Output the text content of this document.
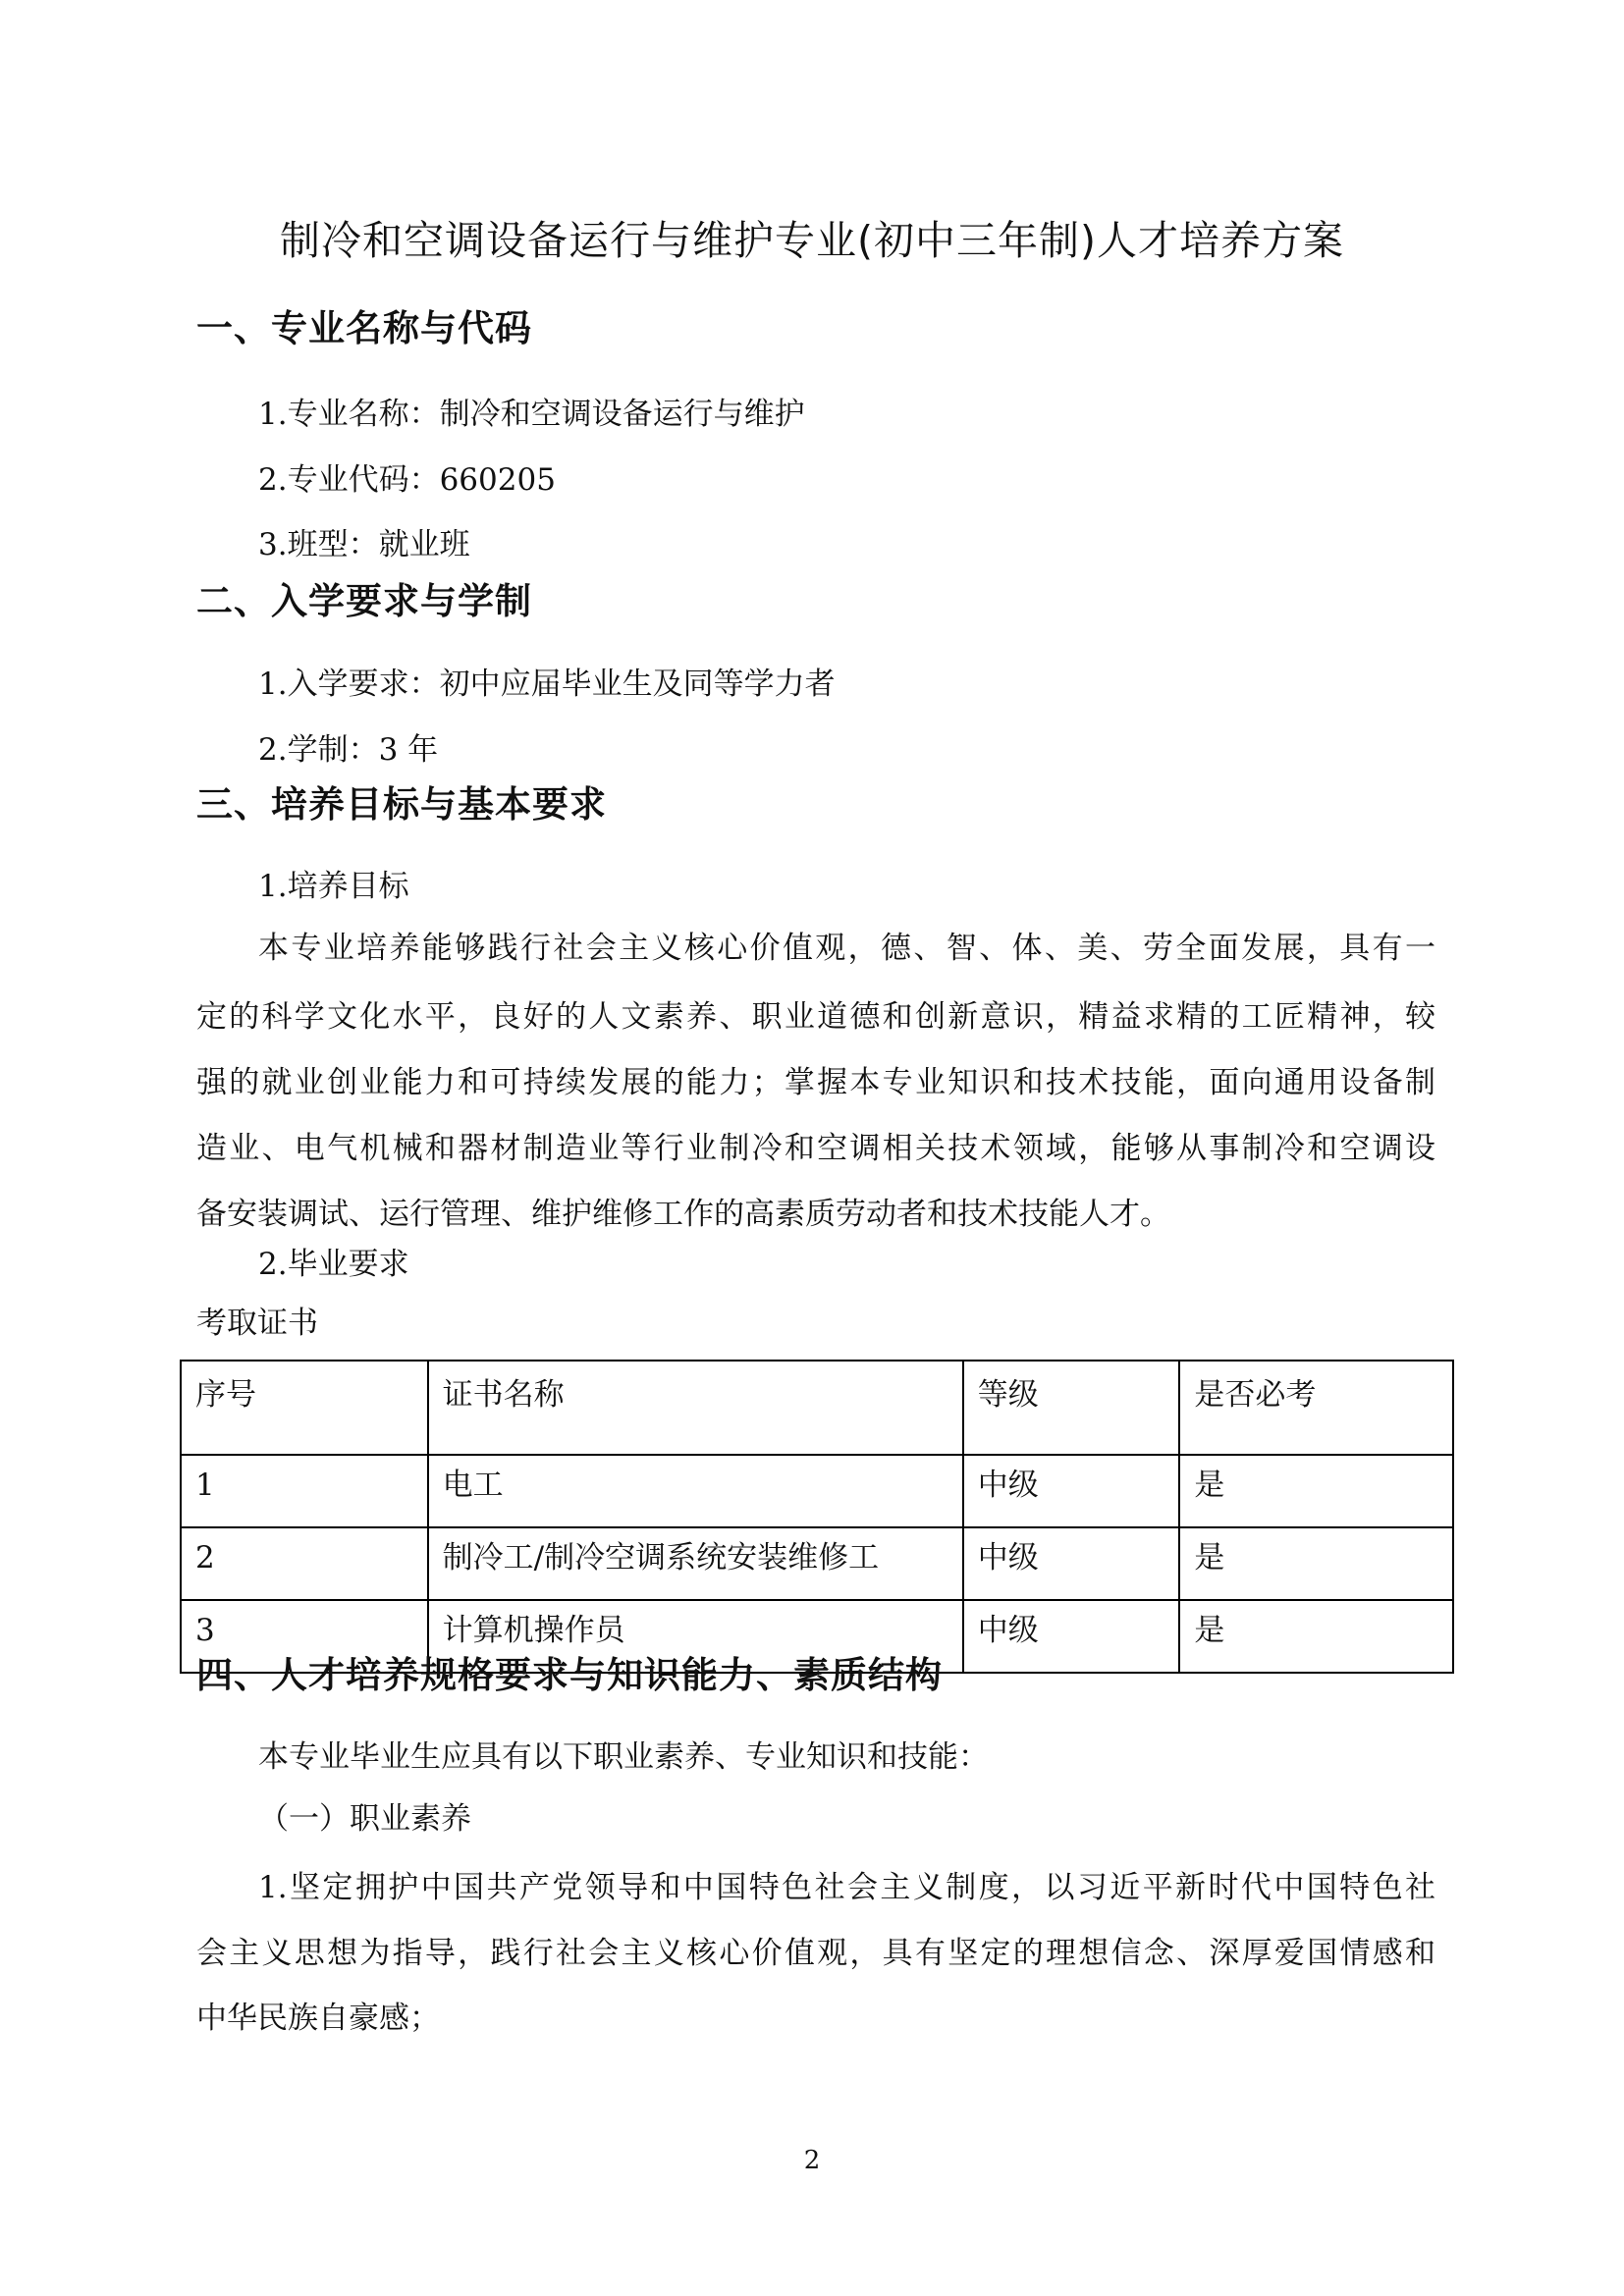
制冷和空调设备运行与维护专业(初中三年制)人才培养方案
一、专业名称与代码
1.专业名称：制冷和空调设备运行与维护
2.专业代码：660205
3.班型：就业班
二、入学要求与学制
1.入学要求：初中应届毕业生及同等学力者
2.学制：3 年
三、培养目标与基本要求
1.培养目标
本专业培养能够践行社会主义核心价值观，德、智、体、美、劳全面发展，具有一
定的科学文化水平，良好的人文素养、职业道德和创新意识，精益求精的工匠精神，较
强的就业创业能力和可持续发展的能力；掌握本专业知识和技术技能，面向通用设备制
造业、电气机械和器材制造业等行业制冷和空调相关技术领域，能够从事制冷和空调设
备安装调试、运行管理、维护维修工作的高素质劳动者和技术技能人才。
2.毕业要求
考取证书
序号	证书名称	等级	是否必考
1	电工	中级	是
2	制冷工/制冷空调系统安装维修工	中级	是
3	计算机操作员	中级	是
四、人才培养规格要求与知识能力、素质结构
本专业毕业生应具有以下职业素养、专业知识和技能：
（一）职业素养
1.坚定拥护中国共产党领导和中国特色社会主义制度，以习近平新时代中国特色社
会主义思想为指导，践行社会主义核心价值观，具有坚定的理想信念、深厚爱国情感和
中华民族自豪感；
2
